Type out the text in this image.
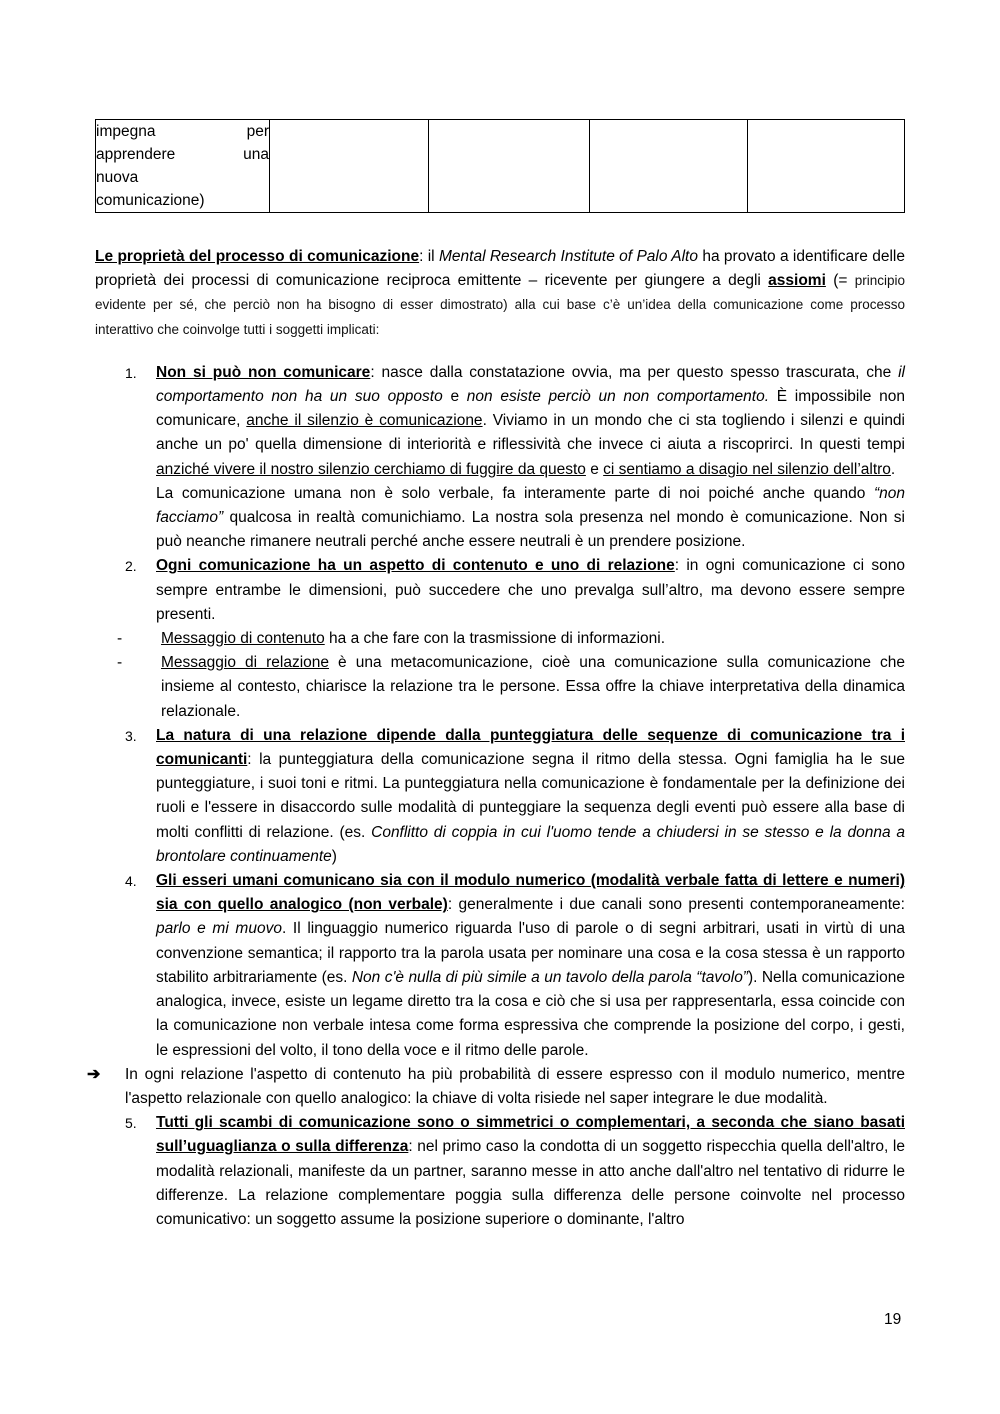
impegna per
apprendere una
nuova
comunicazione)

Le proprietà del processo di comunicazione: il Mental Research Institute of Palo Alto ha provato a identificare delle proprietà dei processi di comunicazione reciproca emittente – ricevente per giungere a degli assiomi (= principio evidente per sé, che perciò non ha bisogno di esser dimostrato) alla cui base c’è un’idea della comunicazione come processo interattivo che coinvolge tutti i soggetti implicati:

1. Non si può non comunicare: nasce dalla constatazione ovvia, ma per questo spesso trascurata, che il comportamento non ha un suo opposto e non esiste perciò un non comportamento. È impossibile non comunicare, anche il silenzio è comunicazione. Viviamo in un mondo che ci sta togliendo i silenzi e quindi anche un po' quella dimensione di interiorità e riflessività che invece ci aiuta a riscoprirci. In questi tempi anziché vivere il nostro silenzio cerchiamo di fuggire da questo e ci sentiamo a disagio nel silenzio dell’altro.

La comunicazione umana non è solo verbale, fa interamente parte di noi poiché anche quando “non facciamo” qualcosa in realtà comunichiamo. La nostra sola presenza nel mondo è comunicazione. Non si può neanche rimanere neutrali perché anche essere neutrali è un prendere posizione.

2. Ogni comunicazione ha un aspetto di contenuto e uno di relazione: in ogni comunicazione ci sono sempre entrambe le dimensioni, può succedere che uno prevalga sull’altro, ma devono essere sempre presenti.

-	Messaggio di contenuto ha a che fare con la trasmissione di informazioni.

-	Messaggio di relazione è una metacomunicazione, cioè una comunicazione sulla comunicazione che insieme al contesto, chiarisce la relazione tra le persone. Essa offre la chiave interpretativa della dinamica relazionale.

3. La natura di una relazione dipende dalla punteggiatura delle sequenze di comunicazione tra i comunicanti: la punteggiatura della comunicazione segna il ritmo della stessa. Ogni famiglia ha le sue punteggiature, i suoi toni e ritmi. La punteggiatura nella comunicazione è fondamentale per la definizione dei ruoli e l'essere in disaccordo sulle modalità di punteggiare la sequenza degli eventi può essere alla base di molti conflitti di relazione. (es. Conflitto di coppia in cui l'uomo tende a chiudersi in se stesso e la donna a brontolare continuamente)

4. Gli esseri umani comunicano sia con il modulo numerico (modalità verbale fatta di lettere e numeri) sia con quello analogico (non verbale): generalmente i due canali sono presenti contemporaneamente: parlo e mi muovo. Il linguaggio numerico riguarda l'uso di parole o di segni arbitrari, usati in virtù di una convenzione semantica; il rapporto tra la parola usata per nominare una cosa e la cosa stessa è un rapporto stabilito arbitrariamente (es. Non c'è nulla di più simile a un tavolo della parola “tavolo”). Nella comunicazione analogica, invece, esiste un legame diretto tra la cosa e ciò che si usa per rappresentarla, essa coincide con la comunicazione non verbale intesa come forma espressiva che comprende la posizione del corpo, i gesti, le espressioni del volto, il tono della voce e il ritmo delle parole.

➔ In ogni relazione l'aspetto di contenuto ha più probabilità di essere espresso con il modulo numerico, mentre l'aspetto relazionale con quello analogico: la chiave di volta risiede nel saper integrare le due modalità.

5. Tutti gli scambi di comunicazione sono o simmetrici o complementari, a seconda che siano basati sull’uguaglianza o sulla differenza: nel primo caso la condotta di un soggetto rispecchia quella dell'altro, le modalità relazionali, manifeste da un partner, saranno messe in atto anche dall'altro nel tentativo di ridurre le differenze. La relazione complementare poggia sulla differenza delle persone coinvolte nel processo comunicativo: un soggetto assume la posizione superiore o dominante, l'altro

19
